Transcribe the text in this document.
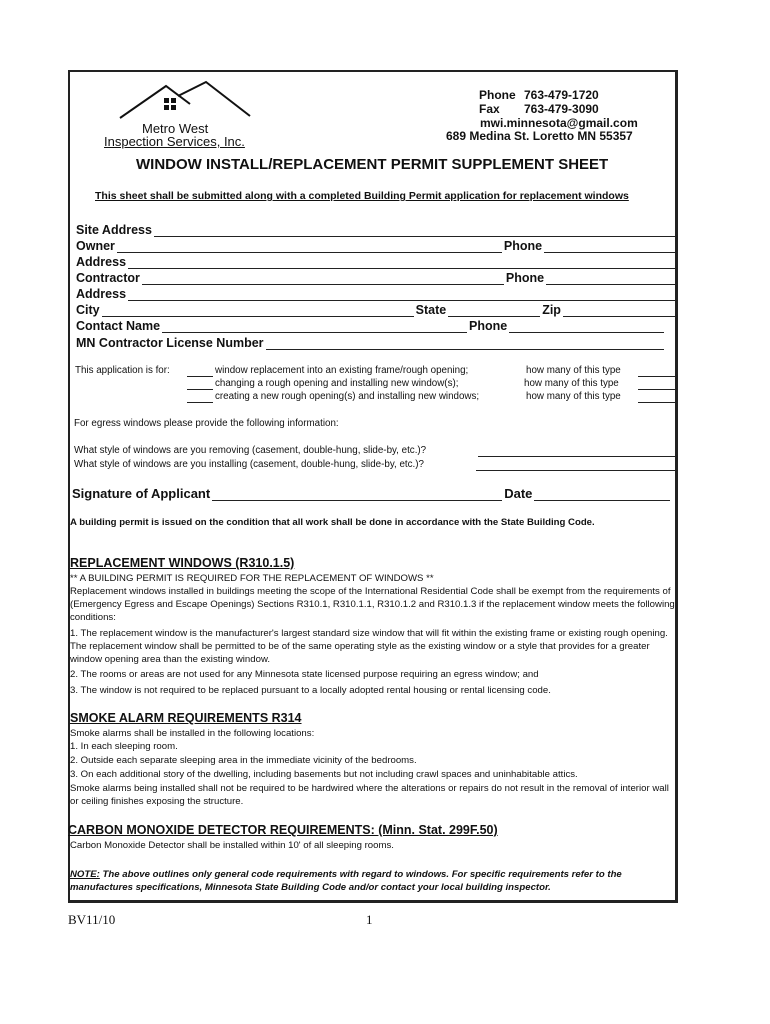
Metro West
Inspection Services, Inc.
Phone 763-479-1720
Fax 763-479-3090
mwi.minnesota@gmail.com
689 Medina St. Loretto MN 55357
WINDOW INSTALL/REPLACEMENT PERMIT SUPPLEMENT SHEET
This sheet shall be submitted along with a completed Building Permit application for replacement windows
Site Address
Owner	Phone
Address
Contractor	Phone
Address
City	State	Zip
Contact Name	Phone
MN Contractor License Number
This application is for:	window replacement into an existing frame/rough opening;	how many of this type
changing a rough opening and installing new window(s);	how many of this type
creating a new rough opening(s) and installing new windows;	how many of this type
For egress windows please provide the following information:
What style of windows are you removing (casement, double-hung, slide-by, etc.)?
What style of windows are you installing (casement, double-hung, slide-by, etc.)?
Signature of Applicant	Date
A building permit is issued on the condition that all work shall be done in accordance with the State Building Code.
REPLACEMENT WINDOWS (R310.1.5)
** A BUILDING PERMIT IS REQUIRED FOR THE REPLACEMENT OF WINDOWS **
Replacement windows installed in buildings meeting the scope of the International Residential Code shall be exempt from the requirements of (Emergency Egress and Escape Openings) Sections R310.1, R310.1.1, R310.1.2 and R310.1.3 if the replacement window meets the following conditions:
1. The replacement window is the manufacturer's largest standard size window that will fit within the existing frame or existing rough opening. The replacement window shall be permitted to be of the same operating style as the existing window or a style that provides for a greater window opening area than the existing window.
2. The rooms or areas are not used for any Minnesota state licensed purpose requiring an egress window; and
3. The window is not required to be replaced pursuant to a locally adopted rental housing or rental licensing code.
SMOKE ALARM REQUIREMENTS R314
Smoke alarms shall be installed in the following locations:
1. In each sleeping room.
2. Outside each separate sleeping area in the immediate vicinity of the bedrooms.
3. On each additional story of the dwelling, including basements but not including crawl spaces and uninhabitable attics.
Smoke alarms being installed shall not be required to be hardwired where the alterations or repairs do not result in the removal of interior wall or ceiling finishes exposing the structure.
CARBON MONOXIDE DETECTOR REQUIREMENTS: (Minn. Stat. 299F.50)
Carbon Monoxide Detector shall be installed within 10' of all sleeping rooms.
NOTE: The above outlines only general code requirements with regard to windows. For specific requirements refer to the manufactures specifications, Minnesota State Building Code and/or contact your local building inspector.
BV11/10	1
